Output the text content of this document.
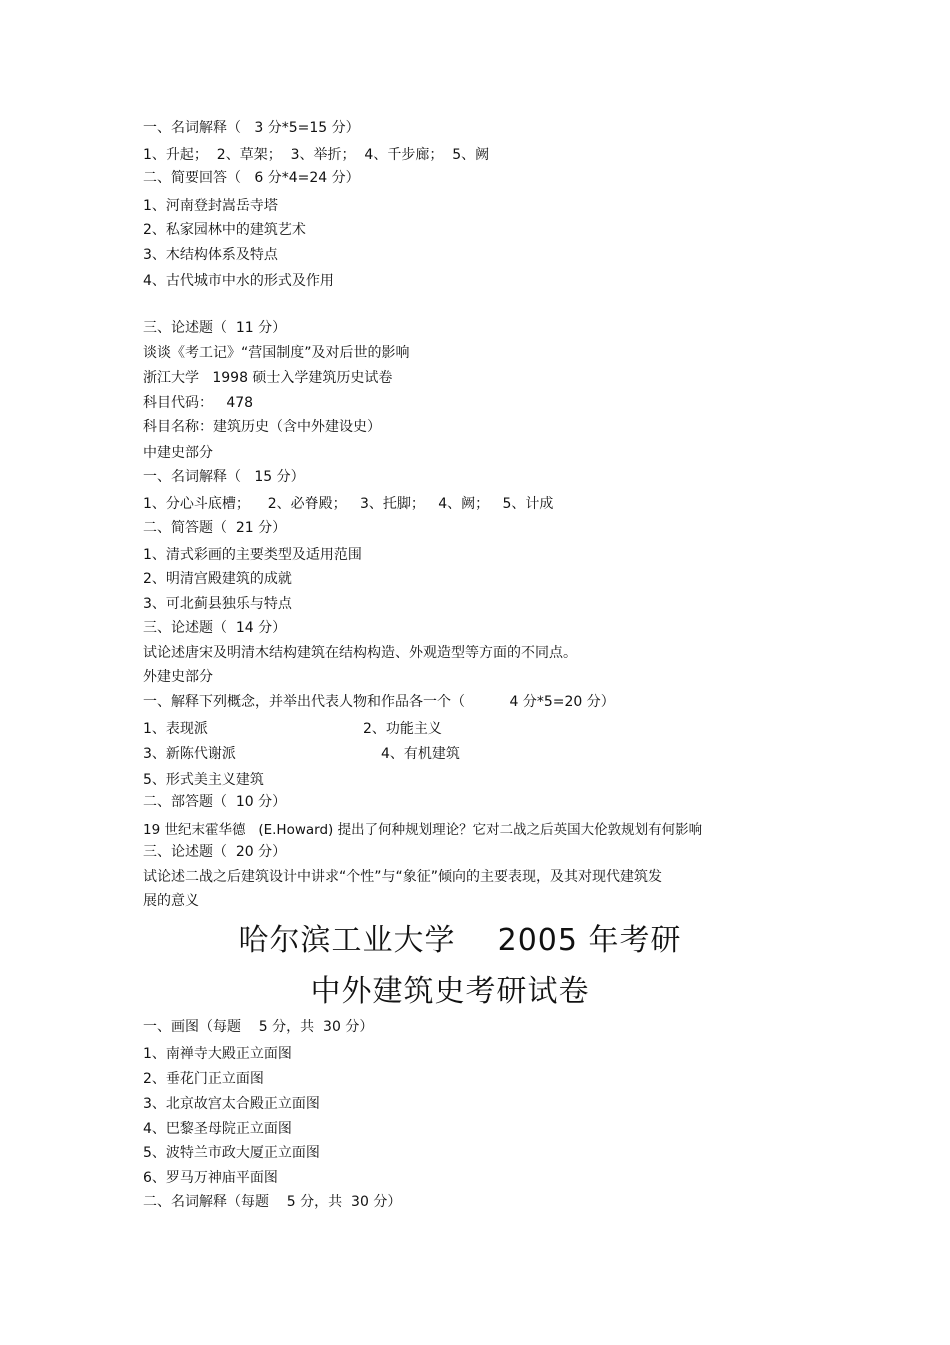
一、名词解释（   3 分*5=15 分）
1、升起；  2、草架；  3、举折；  4、千步廊；  5、阙
二、简要回答（   6 分*4=24 分）
1、河南登封嵩岳寺塔
2、私家园林中的建筑艺术
3、木结构体系及特点
4、古代城市中水的形式及作用
三、论述题（  11 分）
谈谈《考工记》“营国制度”及对后世的影响
浙江大学   1998 硕士入学建筑历史试卷
科目代码：   478
科目名称：建筑历史（含中外建设史）
中建史部分
一、名词解释（   15 分）
1、分心斗底槽；    2、必脊殿；   3、托脚；   4、阙；   5、计成
二、简答题（  21 分）
1、清式彩画的主要类型及适用范围
2、明清宫殿建筑的成就
3、可北蓟县独乐与特点
三、论述题（  14 分）
试论述唐宋及明清木结构建筑在结构构造、外观造型等方面的不同点。
外建史部分
一、解释下列概念，并举出代表人物和作品各一个（          4 分*5=20 分）
1、表现派	2、功能主义
3、新陈代谢派	4、有机建筑
5、形式美主义建筑
二、部答题（  10 分）
19 世纪末霍华德   (E.Howard) 提出了何种规划理论？它对二战之后英国大伦敦规划有何影响
三、论述题（  20 分）
试论述二战之后建筑设计中讲求“个性”与“象征”倾向的主要表现，及其对现代建筑发
展的意义
哈尔滨工业大学    2005 年考研
中外建筑史考研试卷
一、画图（每题    5 分，共  30 分）
1、南禅寺大殿正立面图
2、垂花门正立面图
3、北京故宫太合殿正立面图
4、巴黎圣母院正立面图
5、波特兰市政大厦正立面图
6、罗马万神庙平面图
二、名词解释（每题    5 分，共  30 分）
